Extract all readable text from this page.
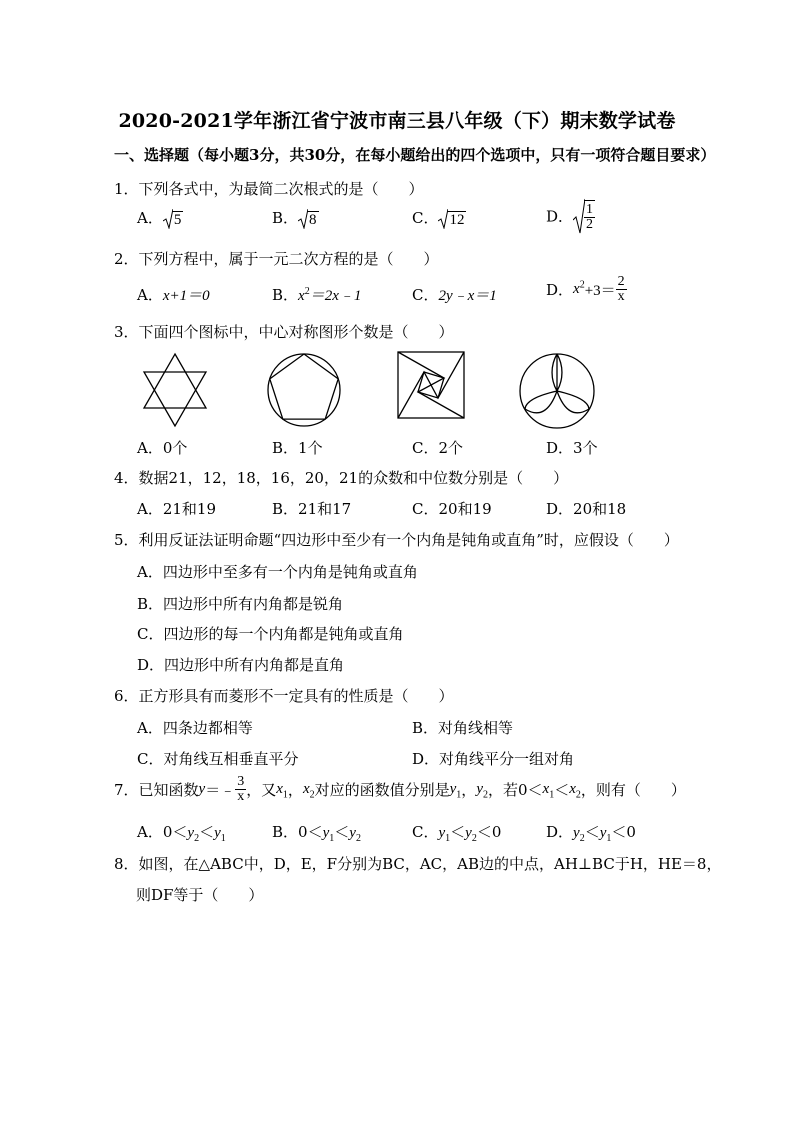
2020-2021学年浙江省宁波市南三县八年级（下）期末数学试卷
一、选择题（每小题3分，共30分，在每小题给出的四个选项中，只有一项符合题目要求）
1．下列各式中，为最简二次根式的是（　　）
A． 5	B． 8	C． 12	D． $\frac{1}{2}$
2．下列方程中，属于一元二次方程的是（　　）
A．x+1＝0	B．$x^2=2x﹣1$	C．2y﹣x＝1	D．$x^2+3= \frac{2}{x}$
3．下面四个图标中，中心对称图形个数是（　　）
A．0个	B．1个	C．2个	D．3个
4．数据21，12，18，16，20，21的众数和中位数分别是（　　）
A．21和19	B．21和17	C．20和19	D．20和18
5．利用反证法证明命题“四边形中至少有一个内角是钝角或直角”时，应假设（　　）
A．四边形中至多有一个内角是钝角或直角
B．四边形中所有内角都是锐角
C．四边形的每一个内角都是钝角或直角
D．四边形中所有内角都是直角
6．正方形具有而菱形不一定具有的性质是（　　）
A．四条边都相等	B．对角线相等
C．对角线互相垂直平分	D．对角线平分一组对角
7．已知函数y＝﹣ $\frac{3}{x}$ ，又$x_1$，$x_2$对应的函数值分别是$y_1$，$y_2$，若$0<x_1<x_2$，则有（　　）
A．$0<y_2<y_1$	B．$0<y_1<y_2$	C．$y_1<y_2<0$	D．$y_2<y_1<0$
8．如图，在△ABC中，D，E，F分别为BC，AC，AB边的中点，AH⊥BC于H，HE＝8，
则DF等于（　　）
